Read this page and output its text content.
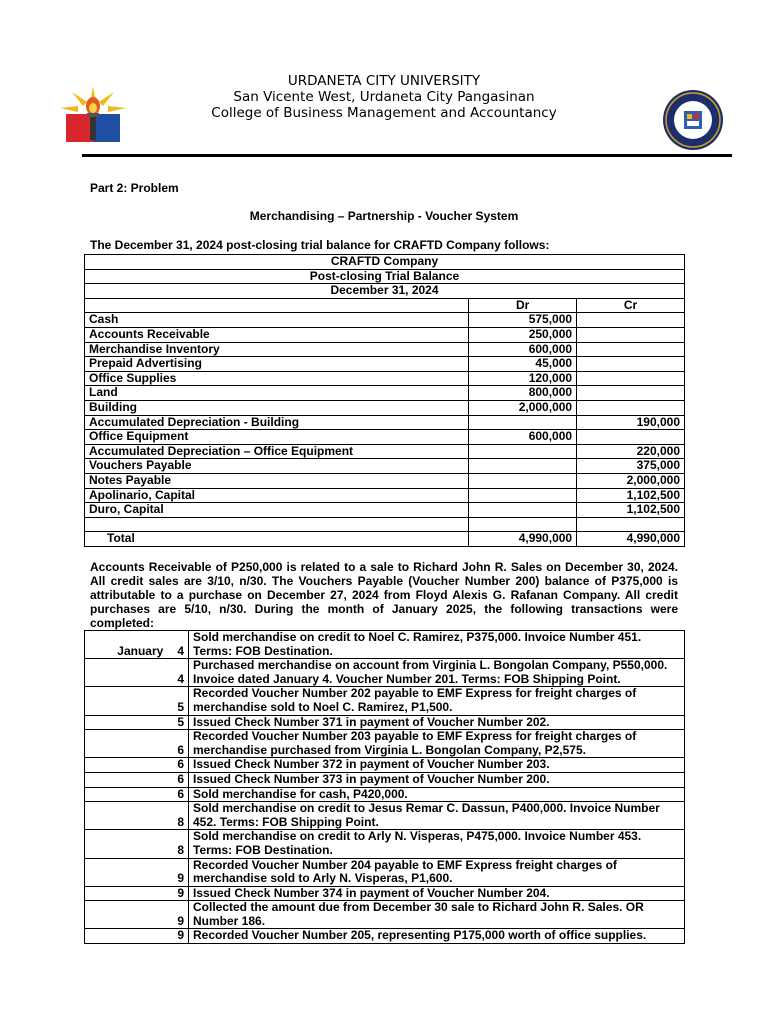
URDANETA CITY UNIVERSITY
San Vicente West, Urdaneta City Pangasinan
College of Business Management and Accountancy
Part 2: Problem
Merchandising – Partnership - Voucher System
The December 31, 2024 post-closing trial balance for CRAFTD Company follows:
CRAFTD Company		
Post-closing Trial Balance		
December 31, 2024		
	Dr	Cr
Cash	575,000	
Accounts Receivable	250,000	
Merchandise Inventory	600,000	
Prepaid Advertising	45,000	
Office Supplies	120,000	
Land	800,000	
Building	2,000,000	
Accumulated Depreciation - Building		190,000
Office Equipment	600,000	
Accumulated Depreciation – Office Equipment		220,000
Vouchers Payable		375,000
Notes Payable		2,000,000
Apolinario, Capital		1,102,500
Duro, Capital		1,102,500

Total	4,990,000	4,990,000
Accounts Receivable of P250,000 is related to a sale to Richard John R. Sales on December 30, 2024. All credit sales are 3/10, n/30. The Vouchers Payable (Voucher Number 200) balance of P375,000 is attributable to a purchase on December 27, 2024 from Floyd Alexis G. Rafanan Company. All credit purchases are 5/10, n/30. During the month of January 2025, the following transactions were completed:
January 4	Sold merchandise on credit to Noel C. Ramirez, P375,000. Invoice Number 451. Terms: FOB Destination.
4	Purchased merchandise on account from Virginia L. Bongolan Company, P550,000. Invoice dated January 4. Voucher Number 201. Terms: FOB Shipping Point.
5	Recorded Voucher Number 202 payable to EMF Express for freight charges of merchandise sold to Noel C. Ramirez, P1,500.
5	Issued Check Number 371 in payment of Voucher Number 202.
6	Recorded Voucher Number 203 payable to EMF Express for freight charges of merchandise purchased from Virginia L. Bongolan Company, P2,575.
6	Issued Check Number 372 in payment of Voucher Number 203.
6	Issued Check Number 373 in payment of Voucher Number 200.
6	Sold merchandise for cash, P420,000.
8	Sold merchandise on credit to Jesus Remar C. Dassun, P400,000. Invoice Number 452. Terms: FOB Shipping Point.
8	Sold merchandise on credit to Arly N. Visperas, P475,000. Invoice Number 453. Terms: FOB Destination.
9	Recorded Voucher Number 204 payable to EMF Express freight charges of merchandise sold to Arly N. Visperas, P1,600.
9	Issued Check Number 374 in payment of Voucher Number 204.
9	Collected the amount due from December 30 sale to Richard John R. Sales. OR Number 186.
9	Recorded Voucher Number 205, representing P175,000 worth of office supplies.
